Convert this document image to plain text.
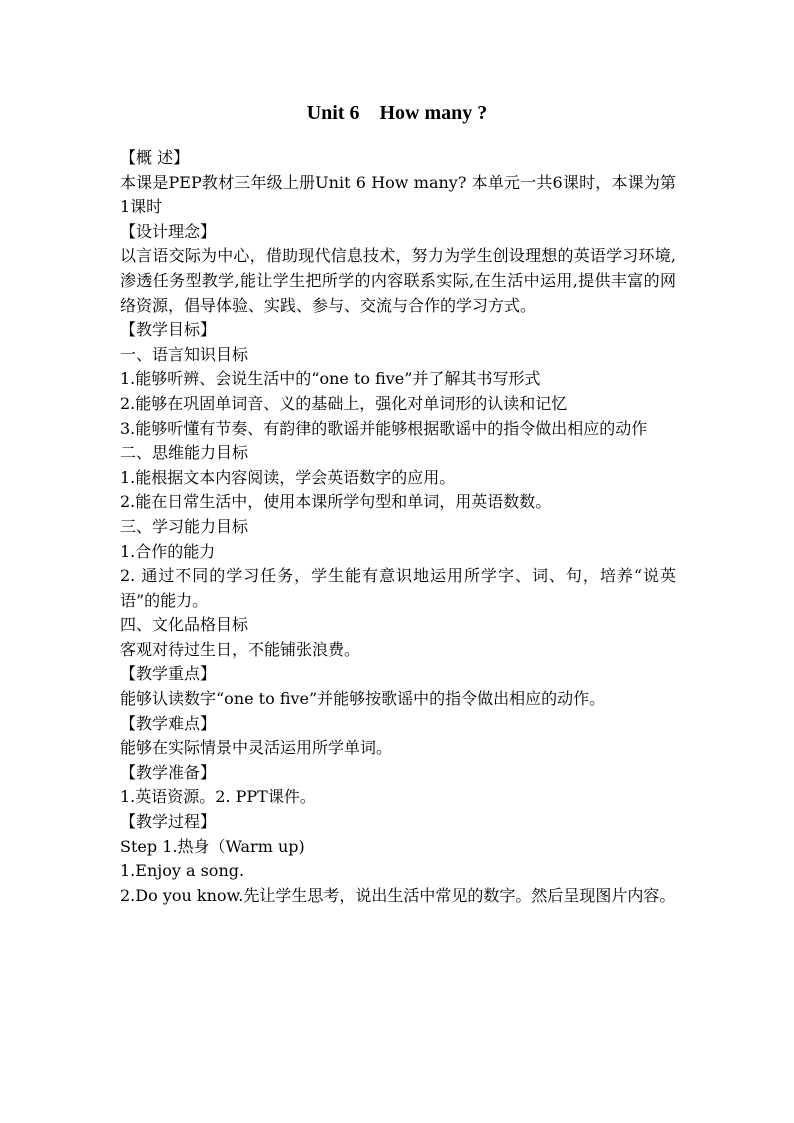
Unit 6    How many ?

【概 述】

本课是PEP教材三年级上册Unit 6 How many? 本单元一共6课时，本课为第1课时

【设计理念】

以言语交际为中心，借助现代信息技术，努力为学生创设理想的英语学习环境,渗透任务型教学,能让学生把所学的内容联系实际,在生活中运用,提供丰富的网络资源，倡导体验、实践、参与、交流与合作的学习方式。

【教学目标】

一、语言知识目标

1.能够听辨、会说生活中的“one to five”并了解其书写形式

2.能够在巩固单词音、义的基础上，强化对单词形的认读和记忆

3.能够听懂有节奏、有韵律的歌谣并能够根据歌谣中的指令做出相应的动作

二、思维能力目标

1.能根据文本内容阅读，学会英语数字的应用。

2.能在日常生活中，使用本课所学句型和单词，用英语数数。

三、学习能力目标

1.合作的能力

2. 通过不同的学习任务，学生能有意识地运用所学字、词、句，培养“说英语”的能力。

四、文化品格目标

客观对待过生日，不能铺张浪费。

【教学重点】

能够认读数字“one to five”并能够按歌谣中的指令做出相应的动作。

【教学难点】

能够在实际情景中灵活运用所学单词。

【教学准备】

1.英语资源。2. PPT课件。

【教学过程】

Step 1.热身（Warm up)

1.Enjoy a song.

2.Do you know.先让学生思考，说出生活中常见的数字。然后呈现图片内容。
